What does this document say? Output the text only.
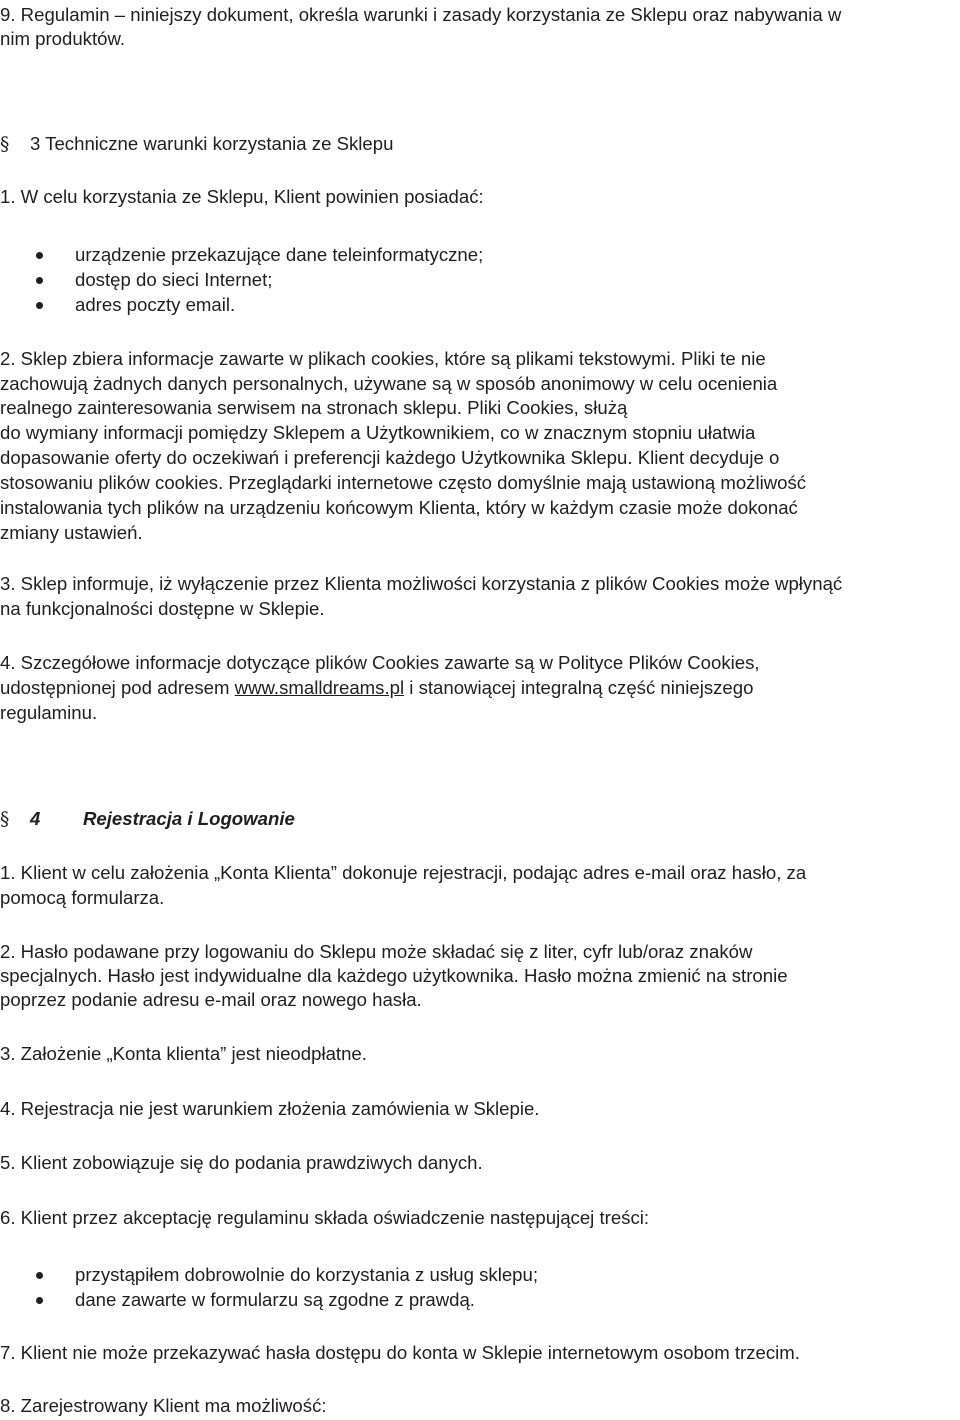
9. Regulamin – niniejszy dokument, określa warunki i zasady korzystania ze Sklepu oraz nabywania w
nim produktów.
§ 3 Techniczne warunki korzystania ze Sklepu
1. W celu korzystania ze Sklepu, Klient powinien posiadać:
urządzenie przekazujące dane teleinformatyczne;
dostęp do sieci Internet;
adres poczty email.
2. Sklep zbiera informacje zawarte w plikach cookies, które są plikami tekstowymi. Pliki te nie
zachowują żadnych danych personalnych, używane są w sposób anonimowy w celu ocenienia
realnego zainteresowania serwisem na stronach sklepu. Pliki Cookies, służą
do wymiany informacji pomiędzy Sklepem a Użytkownikiem, co w znacznym stopniu ułatwia
dopasowanie oferty do oczekiwań i preferencji każdego Użytkownika Sklepu. Klient decyduje o
stosowaniu plików cookies. Przeglądarki internetowe często domyślnie mają ustawioną możliwość
instalowania tych plików na urządzeniu końcowym Klienta, który w każdym czasie może dokonać
zmiany ustawień.
3. Sklep informuje, iż wyłączenie przez Klienta możliwości korzystania z plików Cookies może wpłynąć
na funkcjonalności dostępne w Sklepie.
4. Szczegółowe informacje dotyczące plików Cookies zawarte są w Polityce Plików Cookies,
udostępnionej pod adresem www.smalldreams.pl i stanowiącej integralną część niniejszego
regulaminu.
§ 4 Rejestracja i Logowanie
1. Klient w celu założenia „Konta Klienta” dokonuje rejestracji, podając adres e-mail oraz hasło, za
pomocą formularza.
2. Hasło podawane przy logowaniu do Sklepu może składać się z liter, cyfr lub/oraz znaków
specjalnych. Hasło jest indywidualne dla każdego użytkownika. Hasło można zmienić na stronie
poprzez podanie adresu e-mail oraz nowego hasła.
3. Założenie „Konta klienta” jest nieodpłatne.
4. Rejestracja nie jest warunkiem złożenia zamówienia w Sklepie.
5. Klient zobowiązuje się do podania prawdziwych danych.
6. Klient przez akceptację regulaminu składa oświadczenie następującej treści:
przystąpiłem dobrowolnie do korzystania z usług sklepu;
dane zawarte w formularzu są zgodne z prawdą.
7. Klient nie może przekazywać hasła dostępu do konta w Sklepie internetowym osobom trzecim.
8. Zarejestrowany Klient ma możliwość:
